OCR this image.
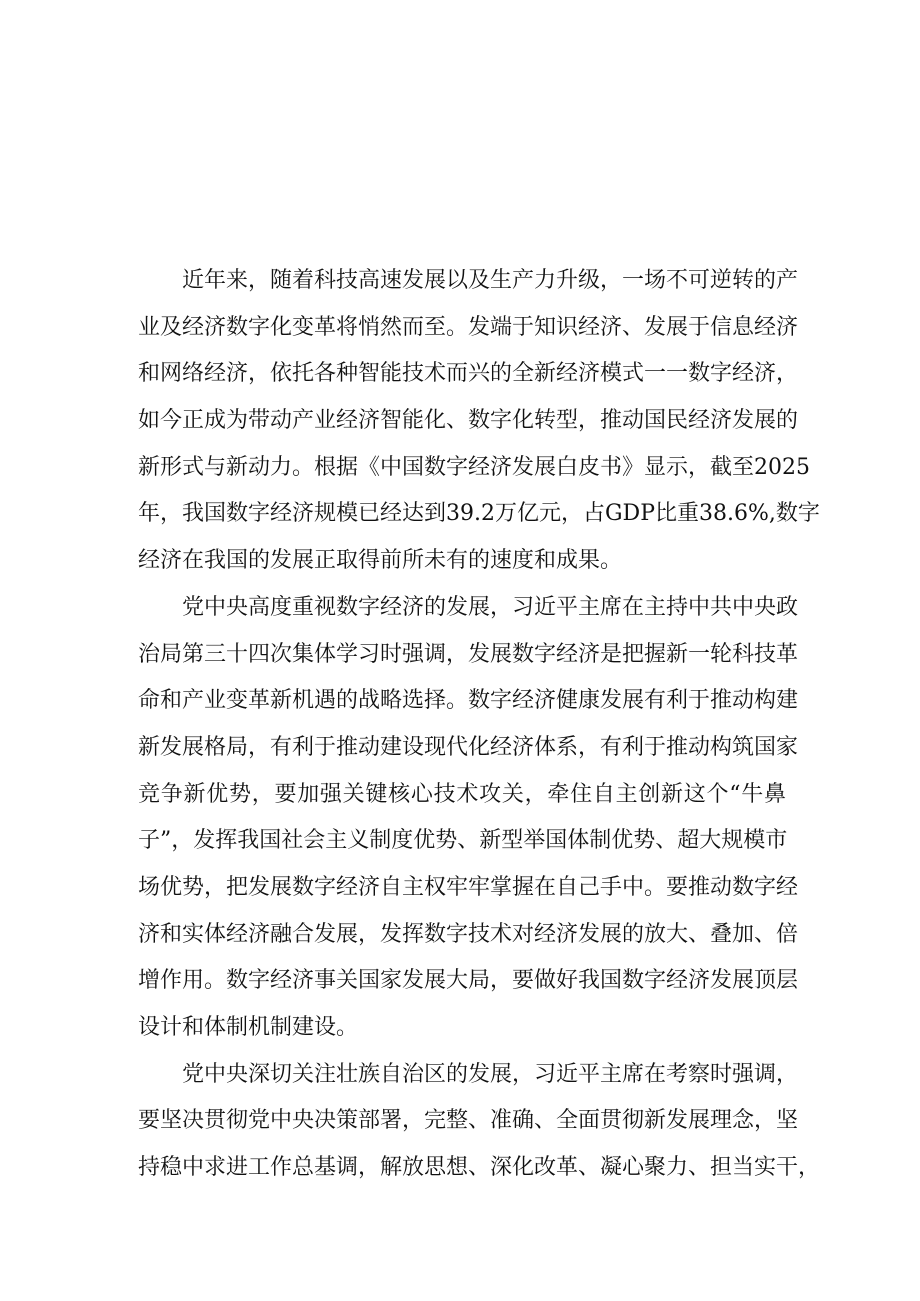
近年来，随着科技高速发展以及生产力升级，一场不可逆转的产
业及经济数字化变革将悄然而至。发端于知识经济、发展于信息经济
和网络经济，依托各种智能技术而兴的全新经济模式一一数字经济，
如今正成为带动产业经济智能化、数字化转型，推动国民经济发展的
新形式与新动力。根据《中国数字经济发展白皮书》显示，截至2025
年，我国数字经济规模已经达到39.2万亿元，占GDP比重38.6%,数字
经济在我国的发展正取得前所未有的速度和成果。
党中央高度重视数字经济的发展，习近平主席在主持中共中央政
治局第三十四次集体学习时强调，发展数字经济是把握新一轮科技革
命和产业变革新机遇的战略选择。数字经济健康发展有利于推动构建
新发展格局，有利于推动建设现代化经济体系，有利于推动构筑国家
竞争新优势，要加强关键核心技术攻关，牵住自主创新这个“牛鼻
子”，发挥我国社会主义制度优势、新型举国体制优势、超大规模市
场优势，把发展数字经济自主权牢牢掌握在自己手中。要推动数字经
济和实体经济融合发展，发挥数字技术对经济发展的放大、叠加、倍
增作用。数字经济事关国家发展大局，要做好我国数字经济发展顶层
设计和体制机制建设。
党中央深切关注壮族自治区的发展，习近平主席在考察时强调，
要坚决贯彻党中央决策部署，完整、准确、全面贯彻新发展理念，坚
持稳中求进工作总基调，解放思想、深化改革、凝心聚力、担当实干，
